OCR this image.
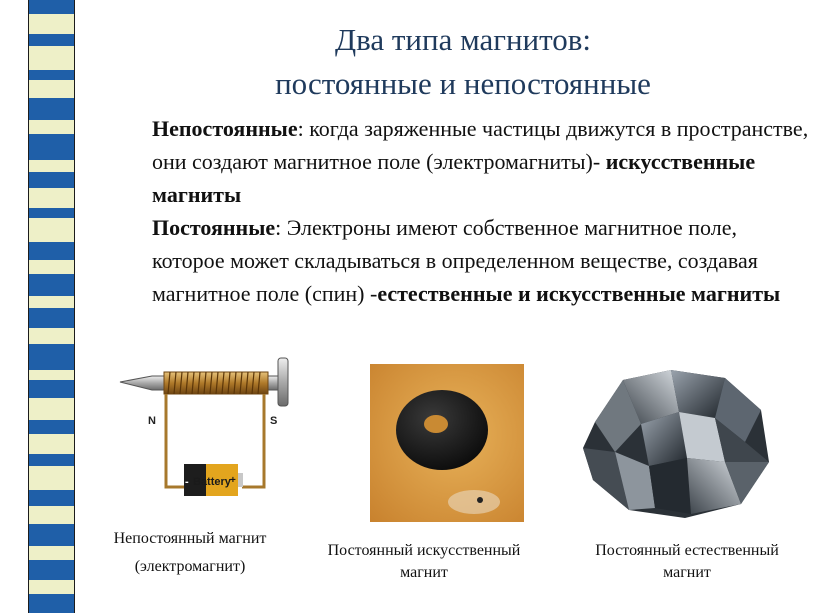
Два типа магнитов:
постоянные и непостоянные

Непостоянные: когда заряженные частицы движутся в пространстве, они создают магнитное поле (электромагниты)- искусственные магниты

Постоянные: Электроны имеют собственное магнитное поле, которое может складываться в определенном веществе, создавая магнитное поле (спин) -естественные и искусственные магниты

N	S
- Battery +
Непостоянный магнит
(электромагнит)
Постоянный искусственный
магнит
Постоянный естественный
магнит
